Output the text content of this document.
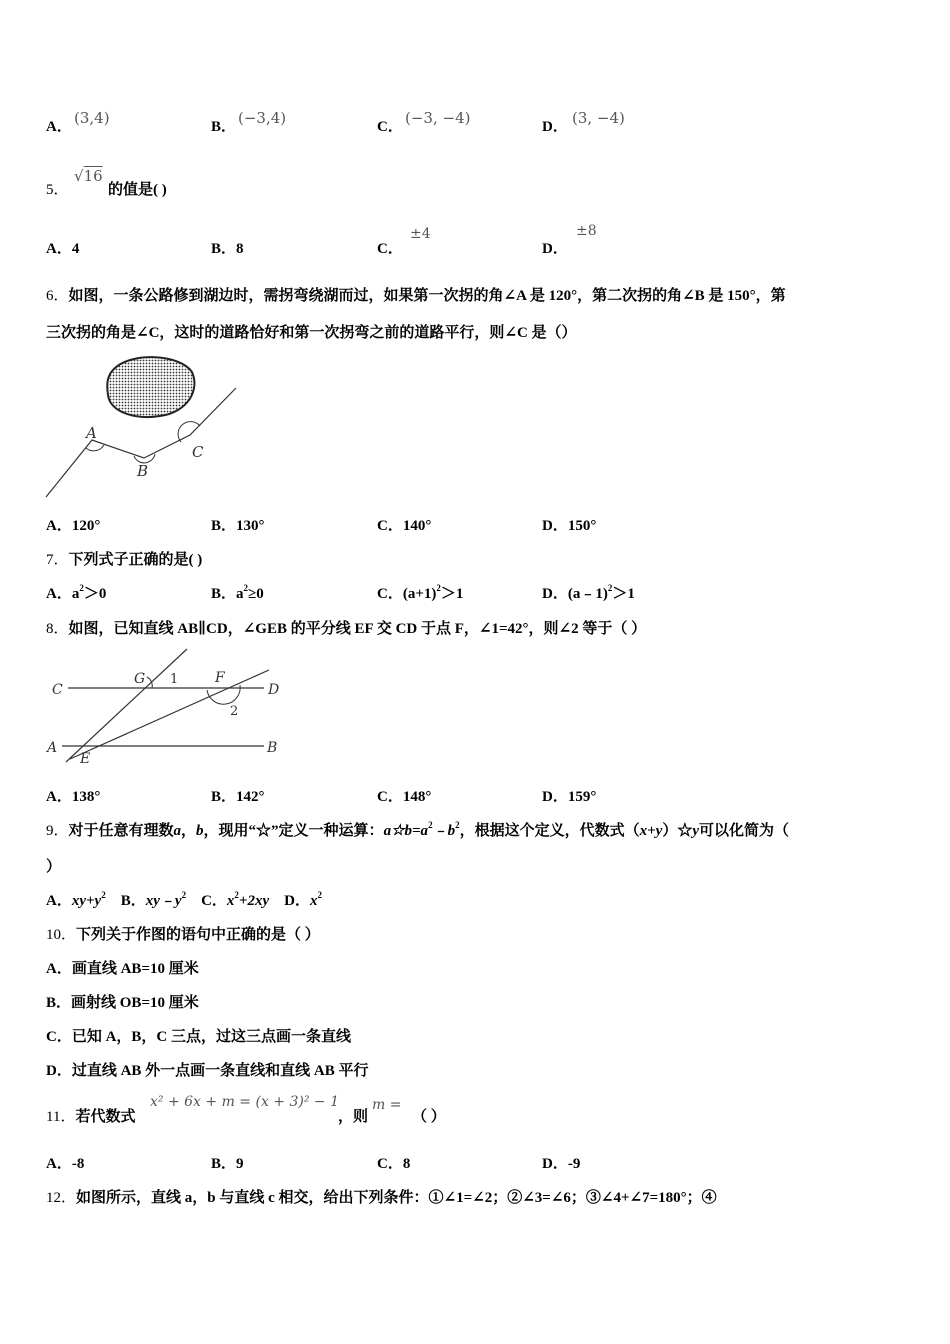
A． (3,4)	B． (−3,4)	C． (−3, −4)	D． (3, −4)
5．
√16
的值是( )
A．4	B．8	C．
±4
D．
±8
6．如图，一条公路修到湖边时，需拐弯绕湖而过，如果第一次拐的角∠A 是 120°，第二次拐的角∠B 是 150°，第
三次拐的角是∠C，这时的道路恰好和第一次拐弯之前的道路平行，则∠C 是（）
A
B
C
A．120°	B．130°	C．140°	D．150°
7．下列式子正确的是( )
A．$a^2>0$	B．$a^2\ge 0$	C．$(a+1)^2>1$	D．(a﹣1)$^2$＞1
8．如图，已知直线 AB∥CD，∠GEB 的平分线 EF 交 CD 于点 F，∠1=42°，则∠2 等于（ ）
C
G 1	F
D
2
A
E
B
A．138°	B．142°	C．148°	D．159°
9．对于任意有理数a，b，现用“☆”定义一种运算：$a☆b=a^2﹣b^2$，根据这个定义，代数式（x+y）☆y可以化简为（
）
A．$xy+y^2$ B．$xy﹣y^2$ C．$x^2+2xy$ D．$x^2$
10．下列关于作图的语句中正确的是（ ）
A．画直线 AB=10 厘米
B．画射线 OB=10 厘米
C．已知 A，B，C 三点，过这三点画一条直线
D．过直线 AB 外一点画一条直线和直线 AB 平行
11．若代数式
x² + 6x + m = (x + 3)² − 1
，则
m =
（ ）
A．-8	B．9	C．8	D．-9
12．如图所示，直线 a，b 与直线 c 相交，给出下列条件：①∠1=∠2；②∠3=∠6；③∠4+∠7=180°；④
